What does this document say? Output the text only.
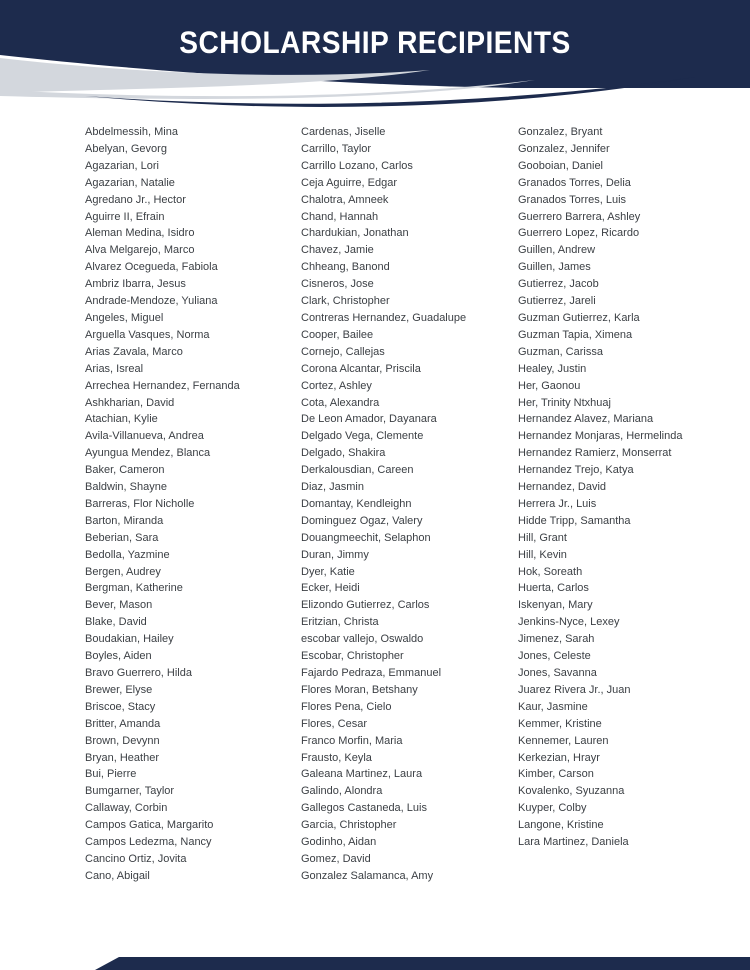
SCHOLARSHIP RECIPIENTS
Abdelmessih, Mina
Abelyan, Gevorg
Agazarian, Lori
Agazarian, Natalie
Agredano Jr., Hector
Aguirre II, Efrain
Aleman Medina, Isidro
Alva Melgarejo, Marco
Alvarez Ocegueda, Fabiola
Ambriz Ibarra, Jesus
Andrade-Mendoze, Yuliana
Angeles, Miguel
Arguella Vasques, Norma
Arias Zavala, Marco
Arias, Isreal
Arrechea Hernandez, Fernanda
Ashkharian, David
Atachian, Kylie
Avila-Villanueva, Andrea
Ayungua Mendez, Blanca
Baker, Cameron
Baldwin, Shayne
Barreras, Flor Nicholle
Barton, Miranda
Beberian, Sara
Bedolla, Yazmine
Bergen, Audrey
Bergman, Katherine
Bever, Mason
Blake, David
Boudakian, Hailey
Boyles, Aiden
Bravo Guerrero, Hilda
Brewer, Elyse
Briscoe, Stacy
Britter, Amanda
Brown, Devynn
Bryan, Heather
Bui, Pierre
Bumgarner, Taylor
Callaway, Corbin
Campos Gatica, Margarito
Campos Ledezma, Nancy
Cancino Ortiz, Jovita
Cano, Abigail
Cardenas, Jiselle
Carrillo, Taylor
Carrillo Lozano, Carlos
Ceja Aguirre, Edgar
Chalotra, Amneek
Chand, Hannah
Chardukian, Jonathan
Chavez, Jamie
Chheang, Banond
Cisneros, Jose
Clark, Christopher
Contreras Hernandez, Guadalupe
Cooper, Bailee
Cornejo, Callejas
Corona Alcantar, Priscila
Cortez, Ashley
Cota, Alexandra
De Leon Amador, Dayanara
Delgado Vega, Clemente
Delgado, Shakira
Derkalousdian, Careen
Diaz, Jasmin
Domantay, Kendleighn
Dominguez Ogaz, Valery
Douangmeechit, Selaphon
Duran, Jimmy
Dyer, Katie
Ecker, Heidi
Elizondo Gutierrez, Carlos
Eritzian, Christa
escobar vallejo, Oswaldo
Escobar, Christopher
Fajardo Pedraza, Emmanuel
Flores Moran, Betshany
Flores Pena, Cielo
Flores, Cesar
Franco Morfin, Maria
Frausto, Keyla
Galeana Martinez, Laura
Galindo, Alondra
Gallegos Castaneda, Luis
Garcia, Christopher
Godinho, Aidan
Gomez, David
Gonzalez Salamanca, Amy
Gonzalez, Bryant
Gonzalez, Jennifer
Gooboian, Daniel
Granados Torres, Delia
Granados Torres, Luis
Guerrero Barrera, Ashley
Guerrero Lopez, Ricardo
Guillen, Andrew
Guillen, James
Gutierrez, Jacob
Gutierrez, Jareli
Guzman Gutierrez, Karla
Guzman Tapia, Ximena
Guzman, Carissa
Healey, Justin
Her, Gaonou
Her, Trinity Ntxhuaj
Hernandez Alavez, Mariana
Hernandez Monjaras, Hermelinda
Hernandez Ramierz, Monserrat
Hernandez Trejo, Katya
Hernandez, David
Herrera Jr., Luis
Hidde Tripp, Samantha
Hill, Grant
Hill, Kevin
Hok, Soreath
Huerta, Carlos
Iskenyan, Mary
Jenkins-Nyce, Lexey
Jimenez, Sarah
Jones, Celeste
Jones, Savanna
Juarez Rivera Jr., Juan
Kaur, Jasmine
Kemmer, Kristine
Kennemer, Lauren
Kerkezian, Hrayr
Kimber, Carson
Kovalenko, Syuzanna
Kuyper, Colby
Langone, Kristine
Lara Martinez, Daniela
